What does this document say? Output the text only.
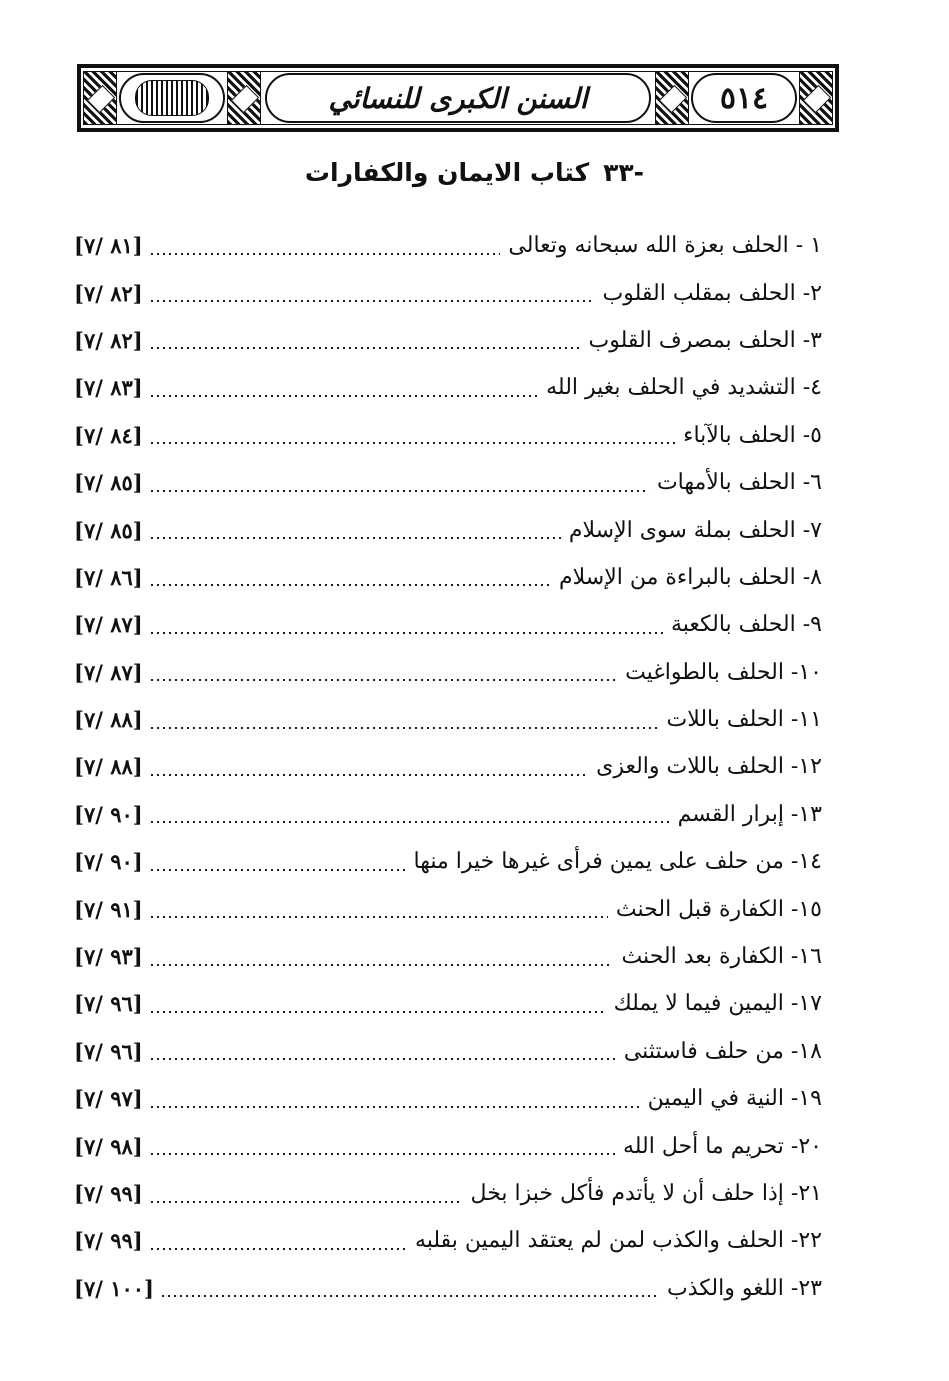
السنن الكبرى للنسائي	٥١٤
-٣٣كتاب الايمان والكفارات
١ - الحلف بعزة الله سبحانه وتعالى
[٨١ /٧]
٢- الحلف بمقلب القلوب
[٨٢ /٧]
٣- الحلف بمصرف القلوب
[٨٢ /٧]
٤- التشديد في الحلف بغير الله
[٨٣ /٧]
٥- الحلف بالآباء
[٨٤ /٧]
٦- الحلف بالأمهات
[٨٥ /٧]
٧- الحلف بملة سوى الإسلام
[٨٥ /٧]
٨- الحلف بالبراءة من الإسلام
[٨٦ /٧]
٩- الحلف بالكعبة
[٨٧ /٧]
١٠- الحلف بالطواغيت
[٨٧ /٧]
١١- الحلف باللات
[٨٨ /٧]
١٢- الحلف باللات والعزى
[٨٨ /٧]
١٣- إبرار القسم
[٩٠ /٧]
١٤- من حلف على يمين فرأى غيرها خيرا منها
[٩٠ /٧]
١٥- الكفارة قبل الحنث
[٩١ /٧]
١٦- الكفارة بعد الحنث
[٩٣ /٧]
١٧- اليمين فيما لا يملك
[٩٦ /٧]
١٨- من حلف فاستثنى
[٩٦ /٧]
١٩- النية في اليمين
[٩٧ /٧]
٢٠- تحريم ما أحل الله
[٩٨ /٧]
٢١- إذا حلف أن لا يأتدم فأكل خبزا بخل
[٩٩ /٧]
٢٢- الحلف والكذب لمن لم يعتقد اليمين بقلبه
[٩٩ /٧]
٢٣- اللغو والكذب
[١٠٠ /٧]
